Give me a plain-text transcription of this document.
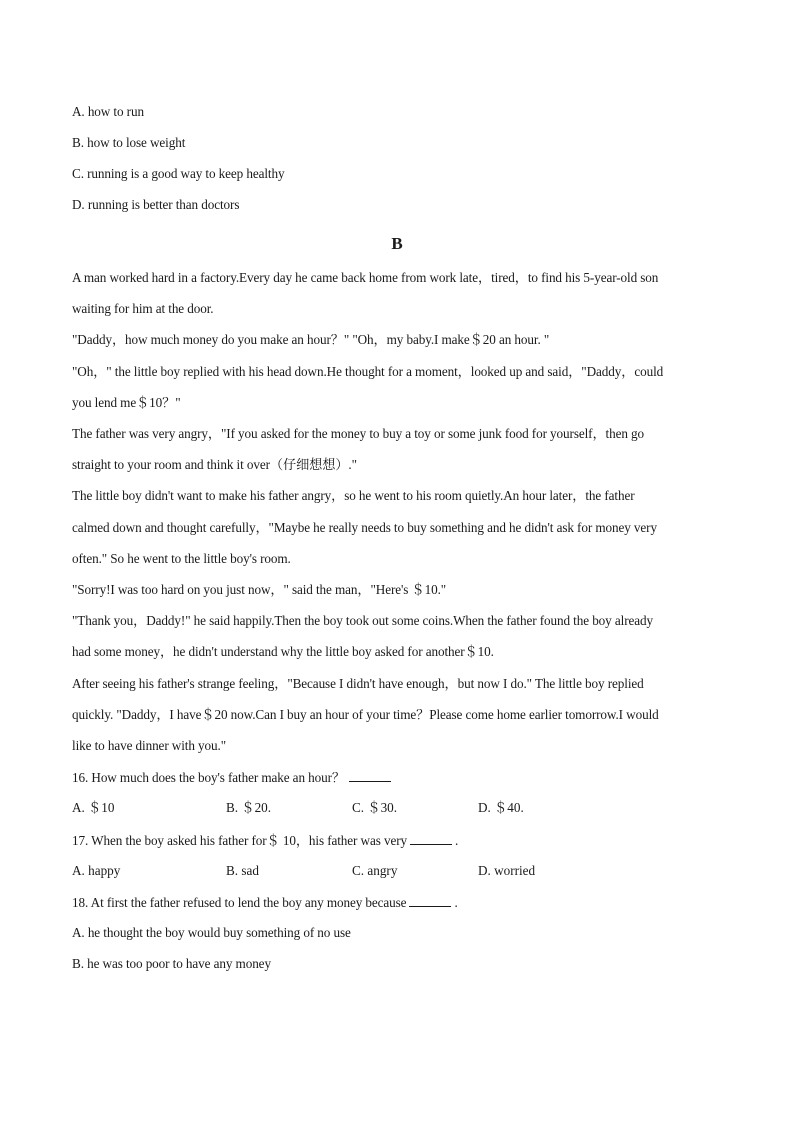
A. how to run
B. how to lose weight
C. running is a good way to keep healthy
D. running is better than doctors
B
A man worked hard in a factory.Every day he came back home from work late，tired，to find his 5-year-old son
waiting for him at the door.
"Daddy，how much money do you make an hour？" "Oh，my baby.I make＄20 an hour. "
"Oh，" the little boy replied with his head down.He thought for a moment，looked up and said，"Daddy，could
you lend me＄10？"
The father was very angry，"If you asked for the money to buy a toy or some junk food for yourself，then go
straight to your room and think it over（仔细想想）."
The little boy didn't want to make his father angry，so he went to his room quietly.An hour later，the father
calmed down and thought carefully，"Maybe he really needs to buy something and he didn't ask for money very
often." So he went to the little boy's room.
"Sorry!I was too hard on you just now，" said the man，"Here's ＄10."
"Thank you，Daddy!" he said happily.Then the boy took out some coins.When the father found the boy already
had some money，he didn't understand why the little boy asked for another＄10.
After seeing his father's strange feeling，"Because I didn't have enough，but now I do." The little boy replied
quickly. "Daddy，I have＄20 now.Can I buy an hour of your time？Please come home earlier tomorrow.I would
like to have dinner with you."
16. How much does the boy's father make an hour？
A. ＄10	B. ＄20.	C. ＄30.	D. ＄40.
17. When the boy asked his father for＄ 10，his father was very	.
A. happy	B. sad	C. angry	D. worried
18. At first the father refused to lend the boy any money because	.
A. he thought the boy would buy something of no use
B. he was too poor to have any money
